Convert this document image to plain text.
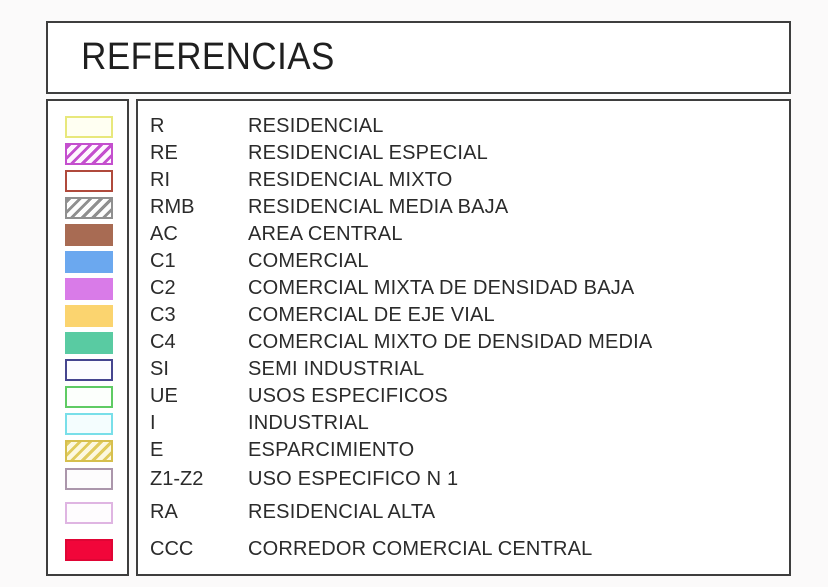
REFERENCIAS
R	RESIDENCIAL
RE	RESIDENCIAL ESPECIAL
RI	RESIDENCIAL MIXTO
RMB	RESIDENCIAL MEDIA BAJA
AC	AREA CENTRAL
C1	COMERCIAL
C2	COMERCIAL MIXTA DE DENSIDAD BAJA
C3	COMERCIAL DE EJE VIAL
C4	COMERCIAL MIXTO DE DENSIDAD MEDIA
SI	SEMI INDUSTRIAL
UE	USOS ESPECIFICOS
I	INDUSTRIAL
E	ESPARCIMIENTO
Z1-Z2	USO ESPECIFICO N 1
RA	RESIDENCIAL ALTA
CCC	CORREDOR COMERCIAL CENTRAL
